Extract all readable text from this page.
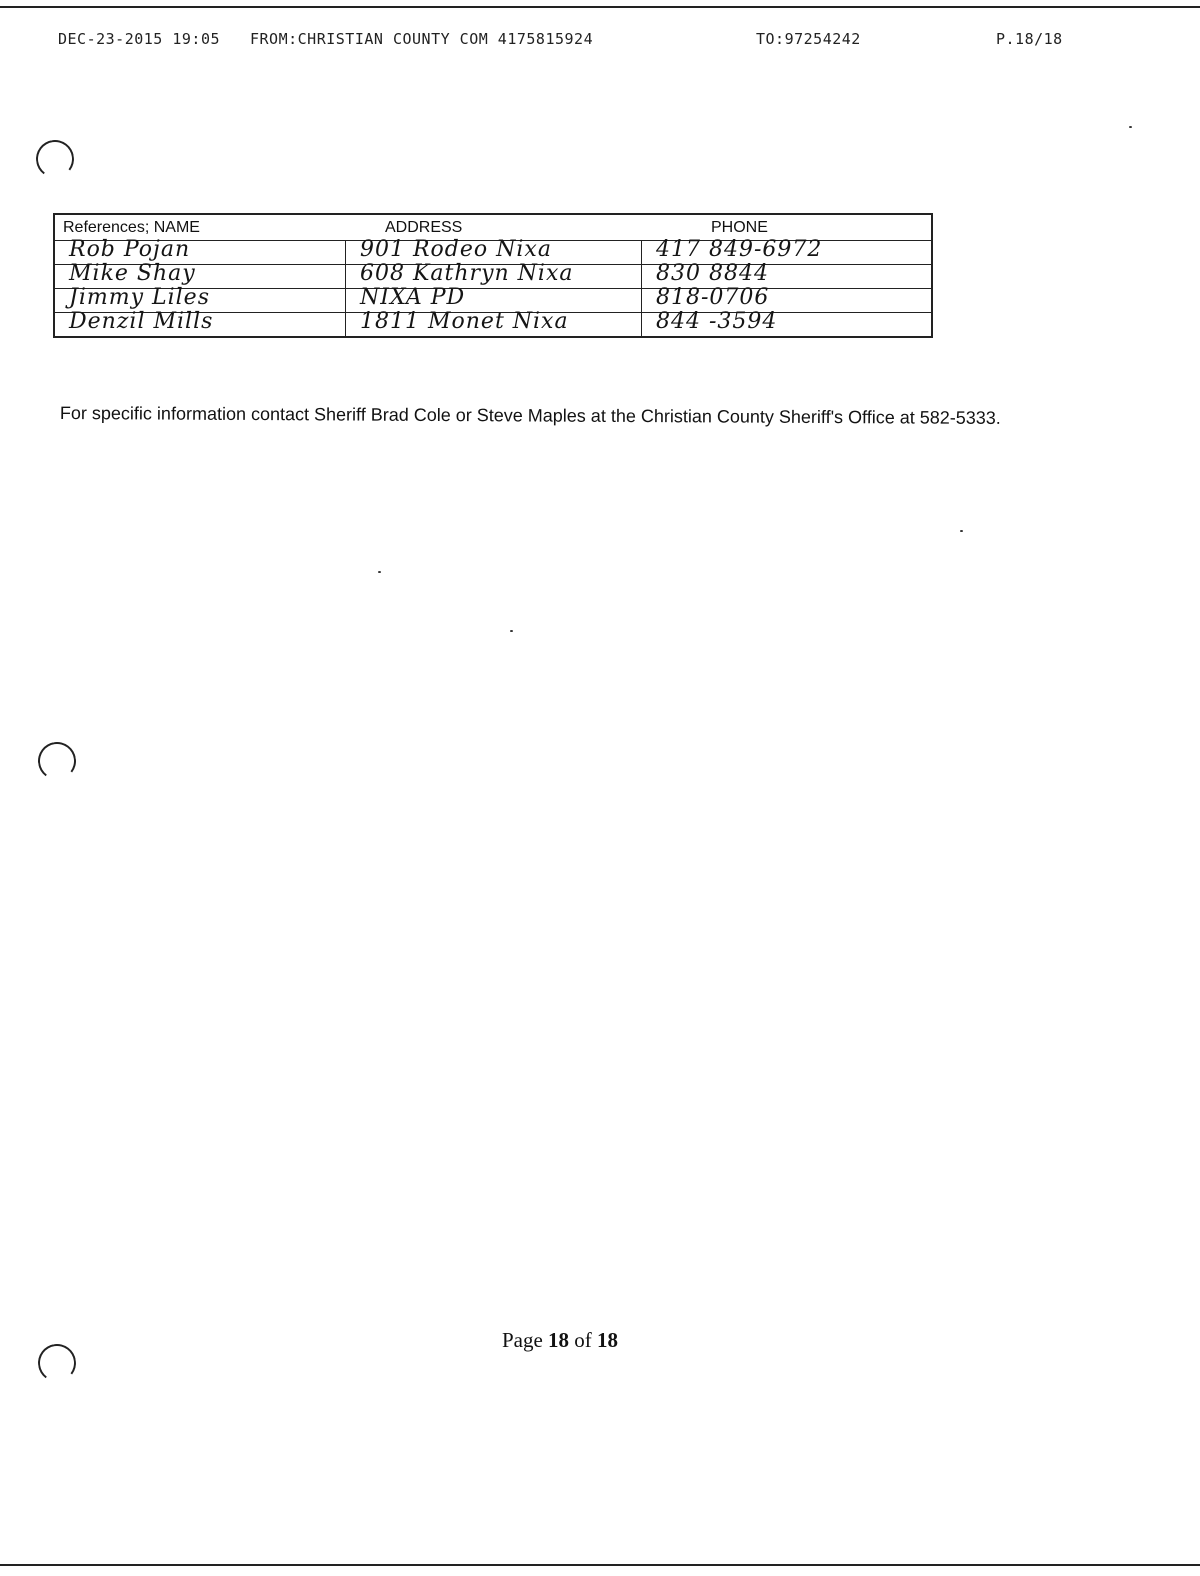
DEC-23-2015 19:05 FROM:CHRISTIAN COUNTY COM 4175815924	TO:97254242	P.18/18
References; NAME	ADDRESS	PHONE
Rob Pojan	901 Rodeo Nixa	417 849-6972
Mike Shay	608 Kathryn Nixa	830 8844
Jimmy Liles	NIXA PD	818-0706
Denzil Mills	1811 Monet Nixa	844 -3594
For specific information contact Sheriff Brad Cole or Steve Maples at the Christian County Sheriff's Office at 582-5333.
Page 18 of 18
